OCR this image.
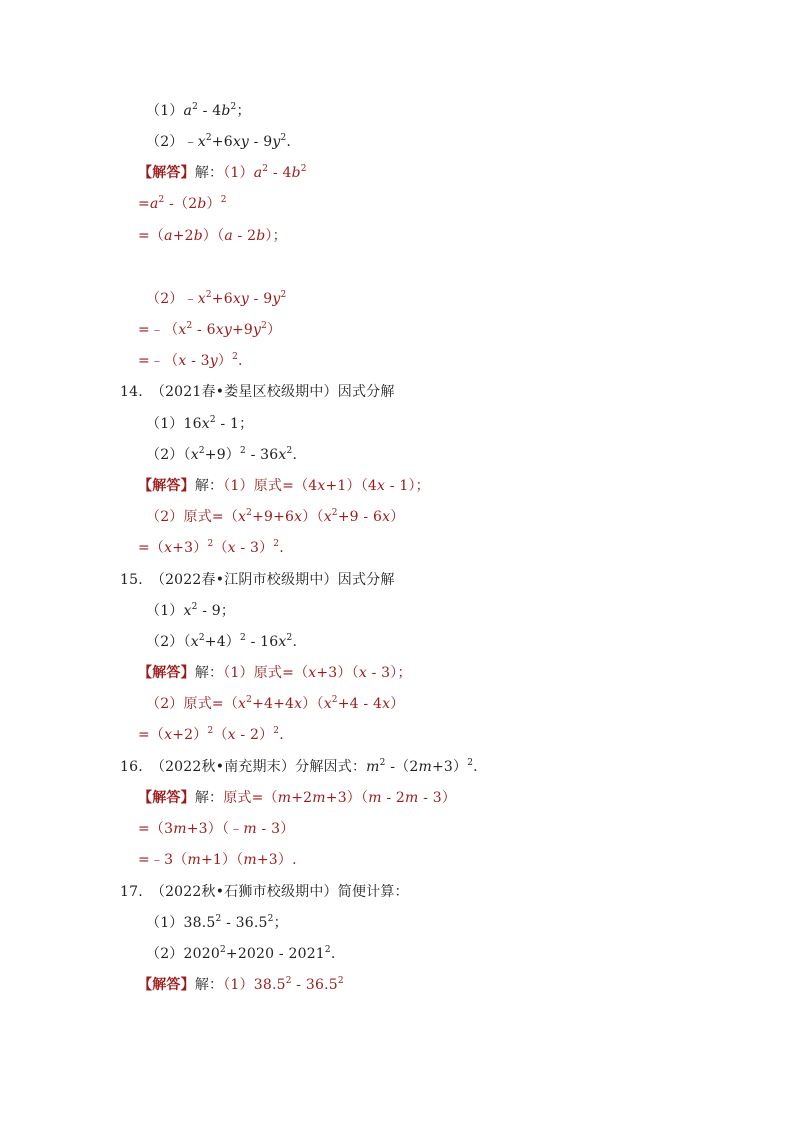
$(1)a^2 - 4b^2$；
$(2)﹣x^2+6xy - 9y^2$.
【解答】解：$(1)a^2 - 4b^2$
$=a^2$ $-(2b)^2$
=（a+2b）（a - 2b）；
$(2)﹣x^2+6xy - 9y^2$
$=﹣(x^2 - 6xy+9y^2)$
=﹣（x - 3y）$^2$.
14. （2021春•娄星区校级期中）因式分解
$(1)16x^2 - 1$；
$(2)(x^2+9)^2 - 36x^2$.
【解答】解：（1）原式=（4x+1）（4x - 1）；
（2）原式$=(x^2+9+6x)(x^2+9 - 6x)$
$=(x+3)^2(x - 3)^2$.
15. （2022春•江阴市校级期中）因式分解
$(1)x^2 - 9$；
$(2)(x^2+4)^2 - 16x^2$.
【解答】解：（1）原式=（x+3）（x - 3）；
（2）原式$=(x^2+4+4x)(x^2+4 - 4x)$
$=(x+2)^2(x - 2)^2$.
16. （2022秋•南充期末）分解因式：$m^2$ $-(2m+3)^2$.
【解答】解：原式=（m+2m+3）（m - 2m - 3）
=（3m+3）（﹣m - 3）
=﹣3（m+1）（m+3）.
17. （2022秋•石狮市校级期中）简便计算：
（1）38.5$^2$ - 36.5$^2$；
$(2)2020^2+2020 - 2021^2$.
【解答】解：（1）38.5$^2$ - 36.5$^2$
